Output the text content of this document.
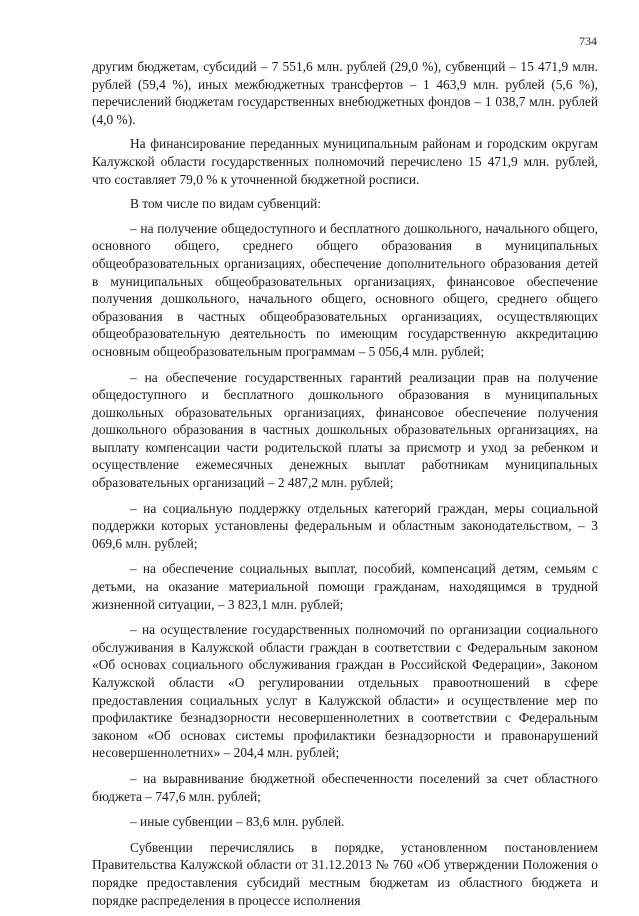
734

другим бюджетам, субсидий – 7 551,6 млн. рублей (29,0 %), субвенций – 15 471,9 млн. рублей (59,4 %), иных межбюджетных трансфертов – 1 463,9 млн. рублей (5,6 %), перечислений бюджетам государственных внебюджетных фондов – 1 038,7 млн. рублей (4,0 %).

На финансирование переданных муниципальным районам и городским округам Калужской области государственных полномочий перечислено 15 471,9 млн. рублей, что составляет 79,0 % к уточненной бюджетной росписи.

В том числе по видам субвенций:

– на получение общедоступного и бесплатного дошкольного, начального общего, основного общего, среднего общего образования в муниципальных общеобразовательных организациях, обеспечение дополнительного образования детей в муниципальных общеобразовательных организациях, финансовое обеспечение получения дошкольного, начального общего, основного общего, среднего общего образования в частных общеобразовательных организациях, осуществляющих общеобразовательную деятельность по имеющим государственную аккредитацию основным общеобразовательным программам – 5 056,4 млн. рублей;

– на обеспечение государственных гарантий реализации прав на получение общедоступного и бесплатного дошкольного образования в муниципальных дошкольных образовательных организациях, финансовое обеспечение получения дошкольного образования в частных дошкольных образовательных организациях, на выплату компенсации части родительской платы за присмотр и уход за ребенком и осуществление ежемесячных денежных выплат работникам муниципальных образовательных организаций – 2 487,2 млн. рублей;

– на социальную поддержку отдельных категорий граждан, меры социальной поддержки которых установлены федеральным и областным законодательством, – 3 069,6 млн. рублей;

– на обеспечение социальных выплат, пособий, компенсаций детям, семьям с детьми, на оказание материальной помощи гражданам, находящимся в трудной жизненной ситуации, – 3 823,1 млн. рублей;

– на осуществление государственных полномочий по организации социального обслуживания в Калужской области граждан в соответствии с Федеральным законом «Об основах социального обслуживания граждан в Российской Федерации», Законом Калужской области «О регулировании отдельных правоотношений в сфере предоставления социальных услуг в Калужской области» и осуществление мер по профилактике безнадзорности несовершеннолетних в соответствии с Федеральным законом «Об основах системы профилактики безнадзорности и правонарушений несовершеннолетних» – 204,4 млн. рублей;

– на выравнивание бюджетной обеспеченности поселений за счет областного бюджета – 747,6 млн. рублей;

– иные субвенции – 83,6 млн. рублей.

Субвенции перечислялись в порядке, установленном постановлением Правительства Калужской области от 31.12.2013 № 760 «Об утверждении Положения о порядке предоставления субсидий местным бюджетам из областного бюджета и порядке распределения в процессе исполнения
